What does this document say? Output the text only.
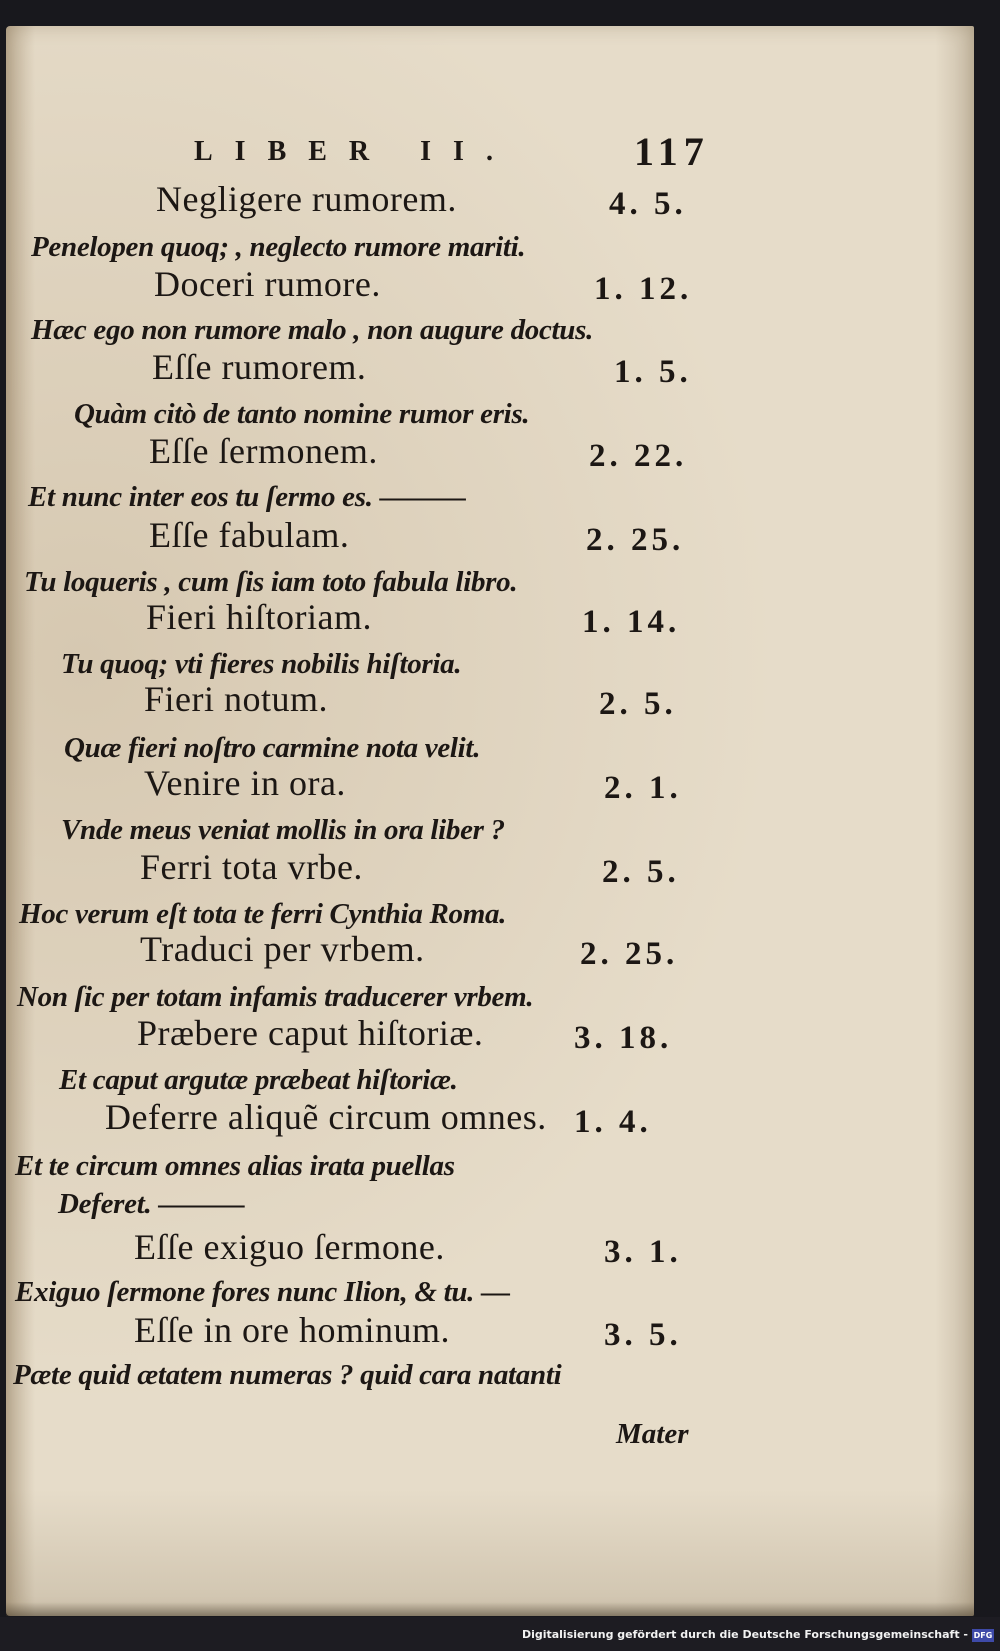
LIBER II.	117
Negligere rumorem.	4. 5.
Penelopen quoq; , neglecto rumore mariti.
Doceri rumore.	1. 12.
Hæc ego non rumore malo , non augure doctus.
Eſſe rumorem.	1. 5.
Quàm citò de tanto nomine rumor eris.
Eſſe ſermonem.	2. 22.
Et nunc inter eos tu ſermo es. ———
Eſſe fabulam.	2. 25.
Tu loqueris , cum ſis iam toto fabula libro.
Fieri hiſtoriam.	1. 14.
Tu quoq; vti fieres nobilis hiſtoria.
Fieri notum.	2. 5.
Quæ fieri noſtro carmine nota velit.
Venire in ora.	2. 1.
Vnde meus veniat mollis in ora liber ?
Ferri tota vrbe.	2. 5.
Hoc verum eſt tota te ferri Cynthia Roma.
Traduci per vrbem.	2. 25.
Non ſic per totam infamis traducerer vrbem.
Præbere caput hiſtoriæ.	3. 18.
Et caput argutæ præbeat hiſtoriæ.
Deferre aliquẽ circum omnes. 1. 4.
Et te circum omnes alias irata puellas
Deferet. ———
Eſſe exiguo ſermone.	3. 1.
Exiguo ſermone fores nunc Ilion, & tu. —
Eſſe in ore hominum.	3. 5.
Pæte quid ætatem numeras ? quid cara natanti
Mater
Digitalisierung gefördert durch die Deutsche Forschungsgemeinschaft - DFG
